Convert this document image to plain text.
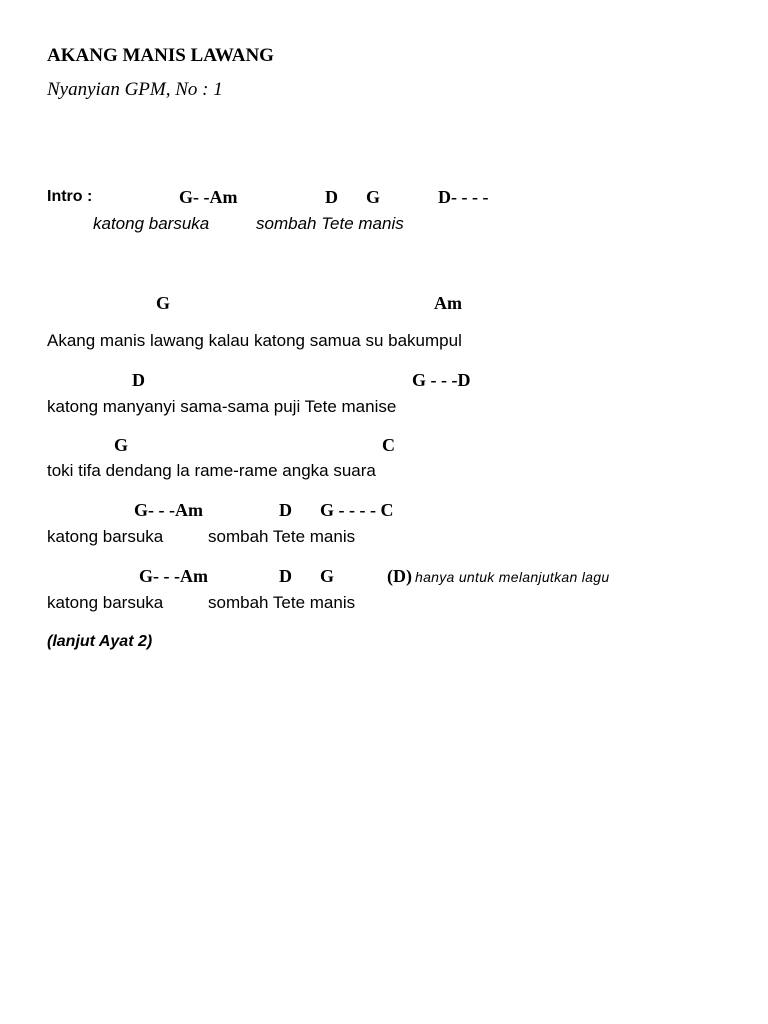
AKANG MANIS LAWANG
Nyanyian GPM, No : 1
Intro :	G- -Am	D G	D- - - -
katong barsuka	sombah Tete manis
G	Am
Akang manis lawang kalau katong samua su bakumpul
D	G - - -D
katong manyanyi sama-sama puji Tete manise
G	C
toki tifa dendang la rame-rame angka suara
G- - -Am	D G - - - - C
katong barsuka	sombah Tete manis
G- - -Am	D G	(D) hanya untuk melanjutkan lagu
katong barsuka	sombah Tete manis
(lanjut Ayat 2)
